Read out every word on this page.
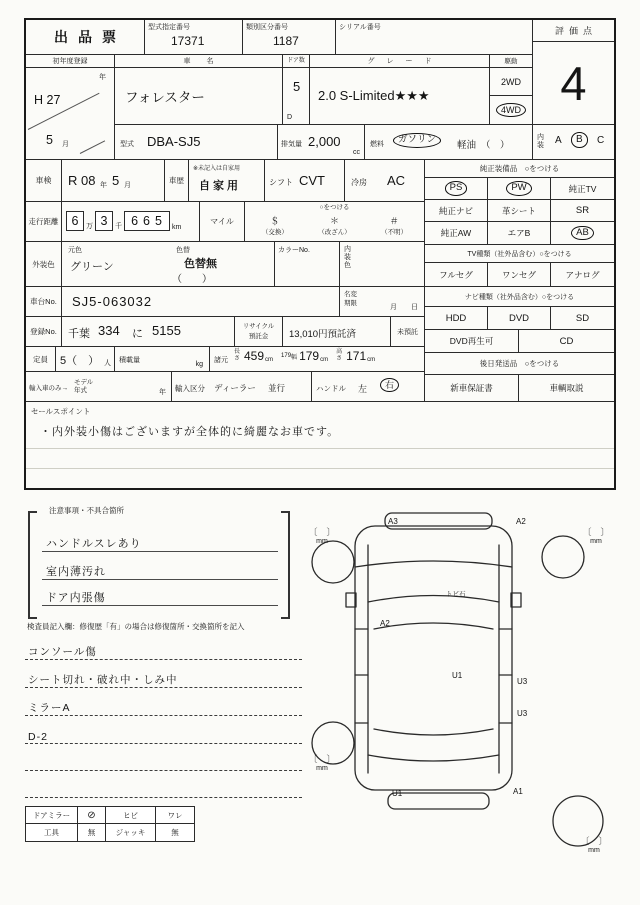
出品票
型式指定番号
17371
類別区分番号
1187
シリアル番号	評価点
4
初年度登録
年
H 27
5 月
車名
フォレスター
ドア数
5
D
グレード
2.0 S-Limited★★★
駆動
2WD
4WD
型式 DBA-SJ5	排気量 2,000
cc
燃料	ガソリン
軽油 （　）
内装 A	B	C
車検 R 08 年 5 月
車歴
※未記入は自家用
自家用	シフト CVT	冷房 AC
純正装備品　○をつける
PS	PW	純正TV
純正ナビ	革シート	SR
純正AW	エアB	AB
TV種類（社外品含む）○をつける
フルセグ	ワンセグ	アナログ
ナビ種類（社外品含む）○をつける
HDD	DVD	SD
DVD再生可	CD
後日発送品　○をつける
新車保証書	車輌取説
走行距離	6	万 3	千 665 km
マイル
○をつける
＄
（交換）
＊
（改ざん）
＃
（不明）
外装色
元色
グリーン
色替
色替無
（　　）
カラーNo.	内装色
車台No. SJ5-063032	名変
期限
月　　日
登録No. 千葉 334 に 5155	リサイクル
預託金	13,010円預託済	未預託
定員 5（　） 人 積載量
kg
諸元
長さ 459 cm
179 幅 179 cm
高さ 171 cm
輸入車のみ→
モデル
年式	年 輸入区分 ディーラー 並行	ハンドル 左	右
セールスポイント
・内外装小傷はございますが全体的に綺麗なお車です。
注意事項・不具合箇所
ハンドルスレあり
室内薄汚れ
ドア内張傷
検査員記入欄：修復歴「有」の場合は修復箇所・交換箇所を記入
コンソール傷
シート切れ・破れ中・しみ中
ミラーA
D-2
ドアミラー	⊘	ヒビ	ワレ
工具	無	ジャッキ	無
A3	A2
トビ石
A2
U1
U3
U3
U1	A1
〔　〕
mm
〔　〕
mm
〔　〕
mm
〔　〕
mm
